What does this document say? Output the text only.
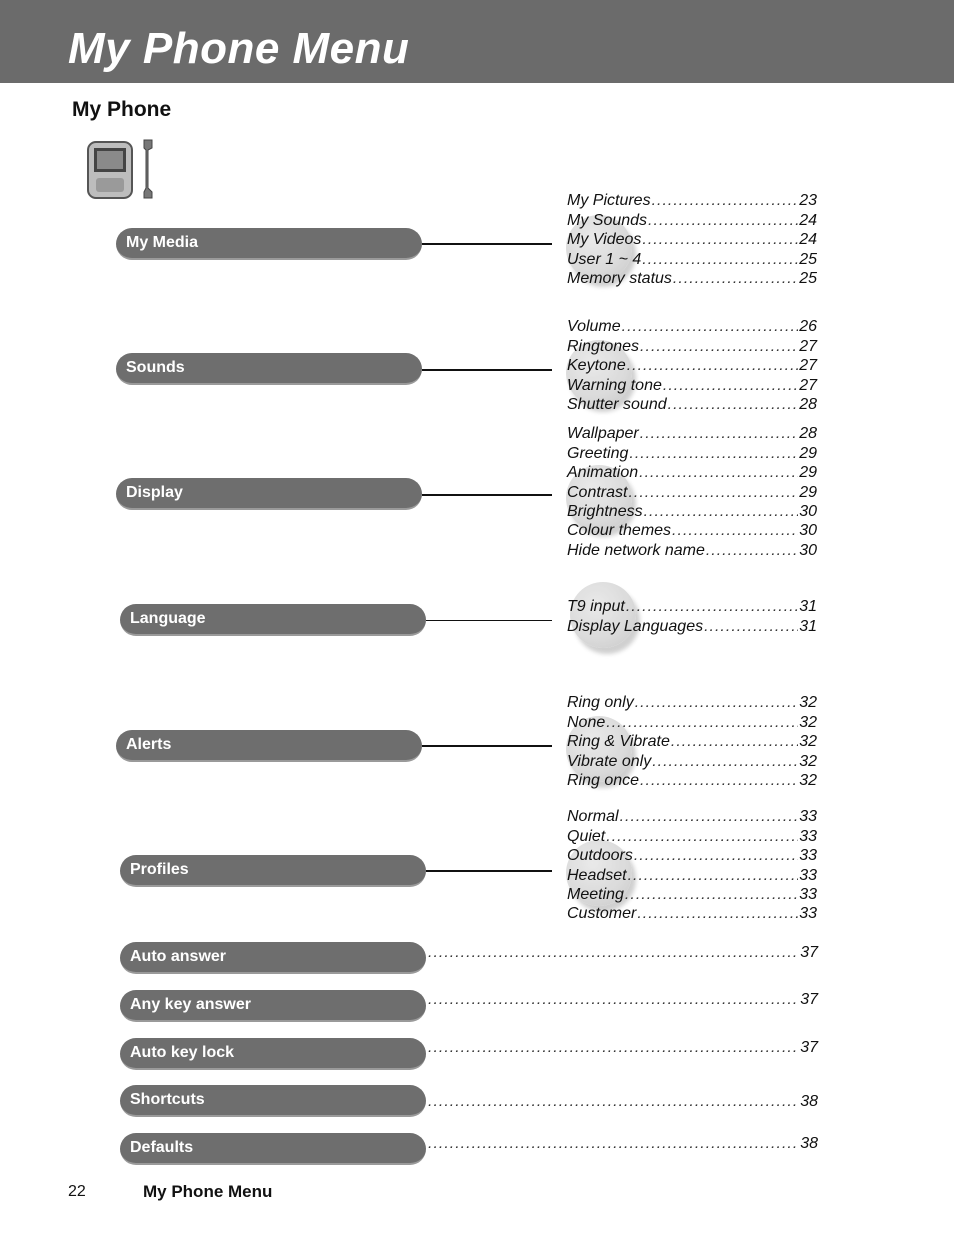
My Phone Menu
My Phone
My Media
My Pictures .....	23
My Sounds .....	24
My Videos .....	24
User 1 ~ 4 .....	25
Memory status .....	25
Sounds
Volume .....	26
Ringtones .....	27
Keytone .....	27
Warning tone .....	27
Shutter sound .....	28
Display
Wallpaper .....	28
Greeting .....	29
Animation .....	29
Contrast .....	29
Brightness .....	30
Colour themes .....	30
Hide network name .....	30
Language
T9 input .....	31
Display Languages .....	31
Alerts
Ring only .....	32
None .....	32
Ring & Vibrate .....	32
Vibrate only .....	32
Ring once .....	32
Profiles
Normal .....	33
Quiet .....	33
Outdoors .....	33
Headset .....	33
Meeting .....	33
Customer .....	33
Auto answer .....	37
Any key answer .....	37
Auto key lock .....	37
Shortcuts .....	38
Defaults .....	38
22	My Phone Menu
